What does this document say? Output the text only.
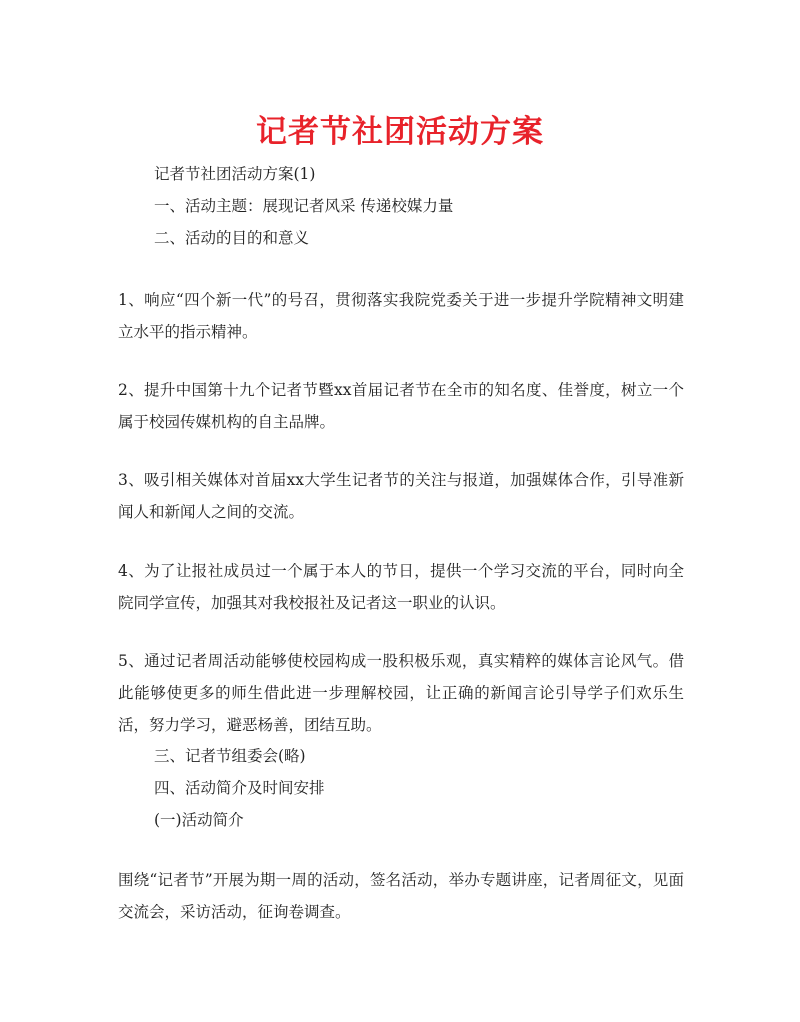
记者节社团活动方案
记者节社团活动方案(1)
一、活动主题：展现记者风采 传递校媒力量
二、活动的目的和意义
1、响应“四个新一代”的号召，贯彻落实我院党委关于进一步提升学院精神文明建立水平的指示精神。
2、提升中国第十九个记者节暨xx首届记者节在全市的知名度、佳誉度，树立一个属于校园传媒机构的自主品牌。
3、吸引相关媒体对首届xx大学生记者节的关注与报道，加强媒体合作，引导准新闻人和新闻人之间的交流。
4、为了让报社成员过一个属于本人的节日，提供一个学习交流的平台，同时向全院同学宣传，加强其对我校报社及记者这一职业的认识。
5、通过记者周活动能够使校园构成一股积极乐观，真实精粹的媒体言论风气。借此能够使更多的师生借此进一步理解校园，让正确的新闻言论引导学子们欢乐生活，努力学习，避恶杨善，团结互助。
三、记者节组委会(略)
四、活动简介及时间安排
(一)活动简介
围绕“记者节”开展为期一周的活动，签名活动，举办专题讲座，记者周征文，见面交流会，采访活动，征询卷调查。
